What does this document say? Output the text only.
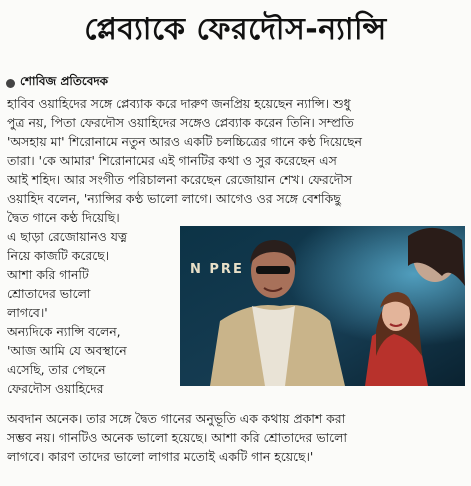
প্লেব্যাকে ফেরদৌস-ন্যান্সি
শোবিজ প্রতিবেদক
হাবিব ওয়াহিদের সঙ্গে প্লেব্যাক করে দারুণ জনপ্রিয় হয়েছেন ন্যান্সি। শুধু
পুত্র নয়, পিতা ফেরদৌস ওয়াহিদের সঙ্গেও প্লেব্যাক করেন তিনি। সম্প্রতি
'অসহায় মা' শিরোনামে নতুন আরও একটি চলচ্চিত্রের গানে কণ্ঠ দিয়েছেন
তারা। 'কে আমার' শিরোনামের এই গানটির কথা ও সুর করেছেন এস
আই শহিদ। আর সংগীত পরিচালনা করেছেন রেজোয়ান শেখ। ফেরদৌস
ওয়াহিদ বলেন, 'ন্যান্সির কণ্ঠ ভালো লাগে। আগেও ওর সঙ্গে বেশকিছু
দ্বৈত গানে কণ্ঠ দিয়েছি।
এ ছাড়া রেজোয়ানও যত্ন
নিয়ে কাজটি করেছে।
আশা করি গানটি
শ্রোতাদের ভালো
লাগবে।'
অন্যদিকে ন্যান্সি বলেন,
'আজ আমি যে অবস্থানে
এসেছি, তার পেছনে
ফেরদৌস ওয়াহিদের
অবদান অনেক। তার সঙ্গে দ্বৈত গানের অনুভূতি এক কথায় প্রকাশ করা
সম্ভব নয়। গানটিও অনেক ভালো হয়েছে। আশা করি শ্রোতাদের ভালো
লাগবে। কারণ তাদের ভালো লাগার মতোই একটি গান হয়েছে।'
N PRE
